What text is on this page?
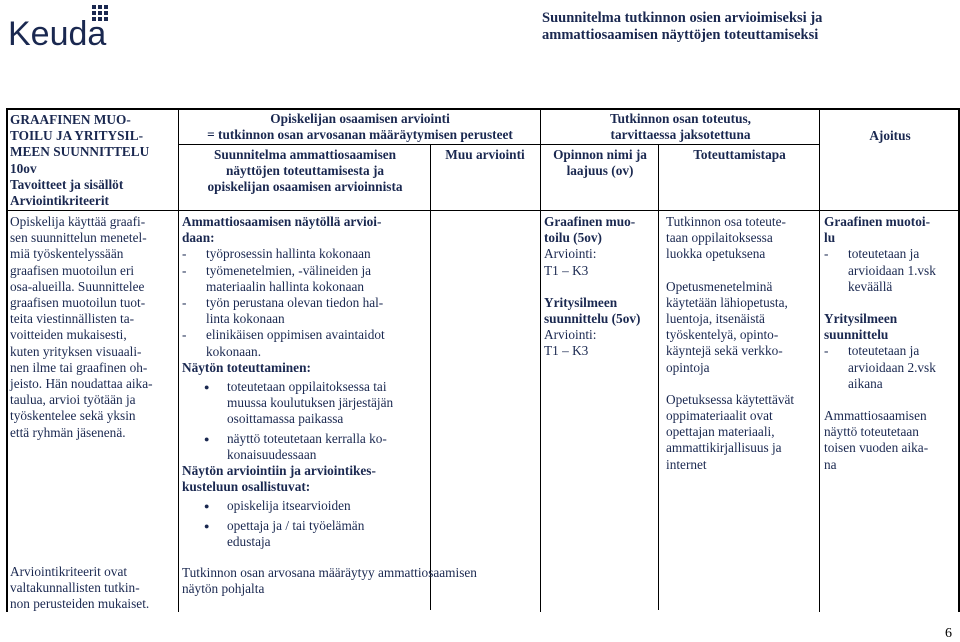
Keuda	Suunnitelma tutkinnon osien arvioimiseksi ja
ammattiosaamisen näyttöjen toteuttamiseksi
GRAAFINEN MUO-
TOILU JA YRITYSIL-
MEEN SUUNNITTELU
10ov
Tavoitteet ja sisällöt
Arviointikriteerit
Opiskelija käyttää graafi-
sen suunnittelun menetel-
miä työskentelyssään
graafisen muotoilun eri
osa-alueilla. Suunnittelee
graafisen muotoilun tuot-
teita viestinnällisten ta-
voitteiden mukaisesti,
kuten yrityksen visuaali-
nen ilme tai graafinen oh-
jeisto. Hän noudattaa aika-
taulua, arvioi työtään ja
työskentelee sekä yksin
että ryhmän jäsenenä.
Arviointikriteerit ovat
valtakunnallisten tutkin-
non perusteiden mukaiset.
Opiskelijan osaamisen arviointi
= tutkinnon osan arvosanan määräytymisen perusteet
Suunnitelma ammattiosaamisen
näyttöjen toteuttamisesta ja
opiskelijan osaamisen arvioinnista
Muu arviointi
Ammattiosaamisen näytöllä arvioi-
daan:
- työprosessin hallinta kokonaan
- työmenetelmien, -välineiden ja
materiaalin hallinta kokonaan
- työn perustana olevan tiedon hal-
linta kokonaan
- elinikäisen oppimisen avaintaidot
kokonaan.
Näytön toteuttaminen:
● toteutetaan oppilaitoksessa tai
muussa koulutuksen järjestäjän
osoittamassa paikassa
● näyttö toteutetaan kerralla ko-
konaisuudessaan
Näytön arviointiin ja arviointikes-
kusteluun osallistuvat:
● opiskelija itsearvioiden
● opettaja ja / tai työelämän
edustaja
Tutkinnon osan arvosana määräytyy ammattiosaamisen
näytön pohjalta
Tutkinnon osan toteutus,
tarvittaessa jaksotettuna
Opinnon nimi ja
laajuus (ov)
Toteuttamistapa
Graafinen muo-
toilu (5ov)
Arviointi:
T1 – K3
Yritysilmeen
suunnittelu (5ov)
Arviointi:
T1 – K3
Tutkinnon osa toteute-
taan oppilaitoksessa
luokka opetuksena
Opetusmenetelminä
käytetään lähiopetusta,
luentoja, itsenäistä
työskentelyä, opinto-
käyntejä sekä verkko-
opintoja
Opetuksessa käytettävät
oppimateriaalit ovat
opettajan materiaali,
ammattikirjallisuus ja
internet
Ajoitus
Graafinen muotoi-
lu
- toteutetaan ja
arvioidaan 1.vsk
keväällä
Yritysilmeen
suunnittelu
- toteutetaan ja
arvioidaan 2.vsk
aikana
Ammattiosaamisen
näyttö toteutetaan
toisen vuoden aika-
na
6
